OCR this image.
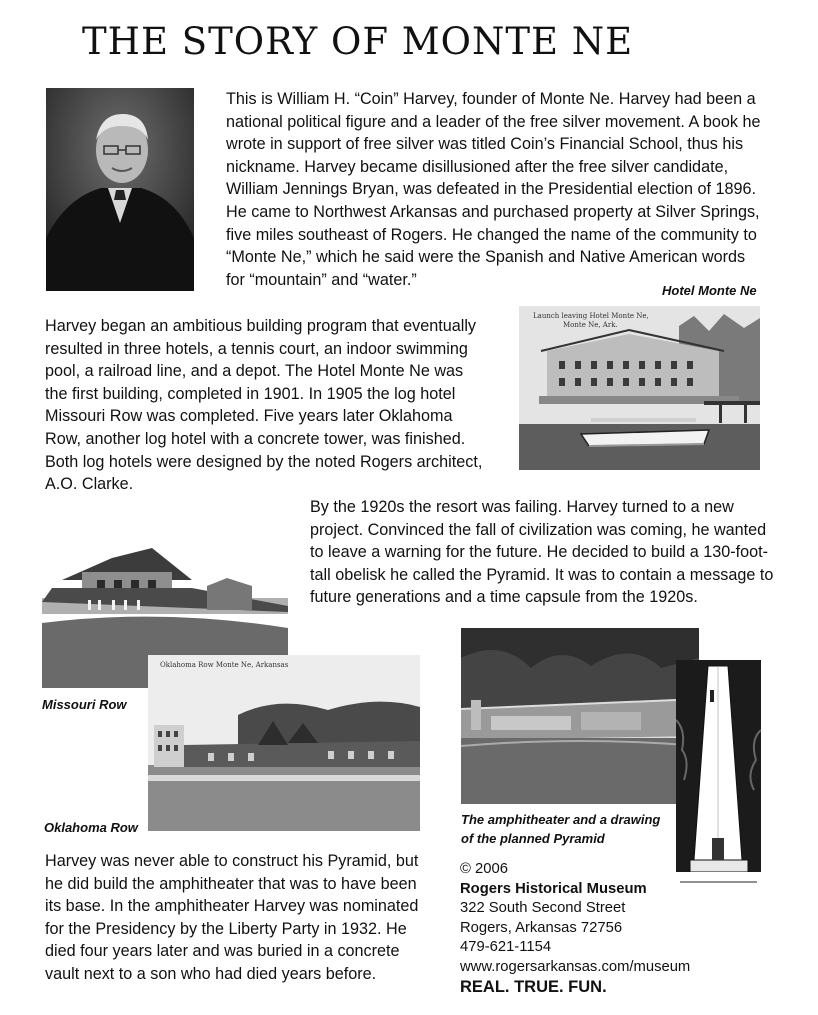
THE STORY OF MONTE NE
This is William H. “Coin” Harvey, founder of Monte Ne. Harvey had been a national political figure and a leader of the free silver movement. A book he wrote in support of free silver was titled Coin’s Financial School, thus his nickname. Harvey became disillusioned after the free silver candidate, William Jennings Bryan, was defeated in the Presidential election of 1896. He came to Northwest Arkansas and purchased property at Silver Springs, five miles southeast of Rogers. He changed the name of the community to “Monte Ne,” which he said were the Spanish and Native American words for “mountain” and “water.”
Hotel Monte Ne
Harvey began an ambitious building program that eventually resulted in three hotels, a tennis court, an indoor swimming pool, a railroad line, and a depot. The Hotel Monte Ne was the first building, completed in 1901. In 1905 the log hotel Missouri Row was completed. Five years later Oklahoma Row, another log hotel with a concrete tower, was finished. Both log hotels were designed by the noted Rogers architect, A.O. Clarke.
Launch leaving Hotel Monte Ne,
Monte Ne, Ark.
By the 1920s the resort was failing. Harvey turned to a new project. Convinced the fall of civilization was coming, he wanted to leave a warning for the future. He decided to build a 130-foot-tall obelisk he called the Pyramid. It was to contain a message to future generations and a time capsule from the 1920s.
Missouri Row
Oklahoma Row Monte Ne, Arkansas
Oklahoma Row
The amphitheater and a drawing
of the planned Pyramid
Harvey was never able to construct his Pyramid, but he did build the amphitheater that was to have been its base. In the amphitheater Harvey was nominated for the Presidency by the Liberty Party in 1932. He died four years later and was buried in a concrete vault next to a son who had died years before.
© 2006
Rogers Historical Museum
322 South Second Street
Rogers, Arkansas 72756
479-621-1154
www.rogersarkansas.com/museum
REAL. TRUE. FUN.
